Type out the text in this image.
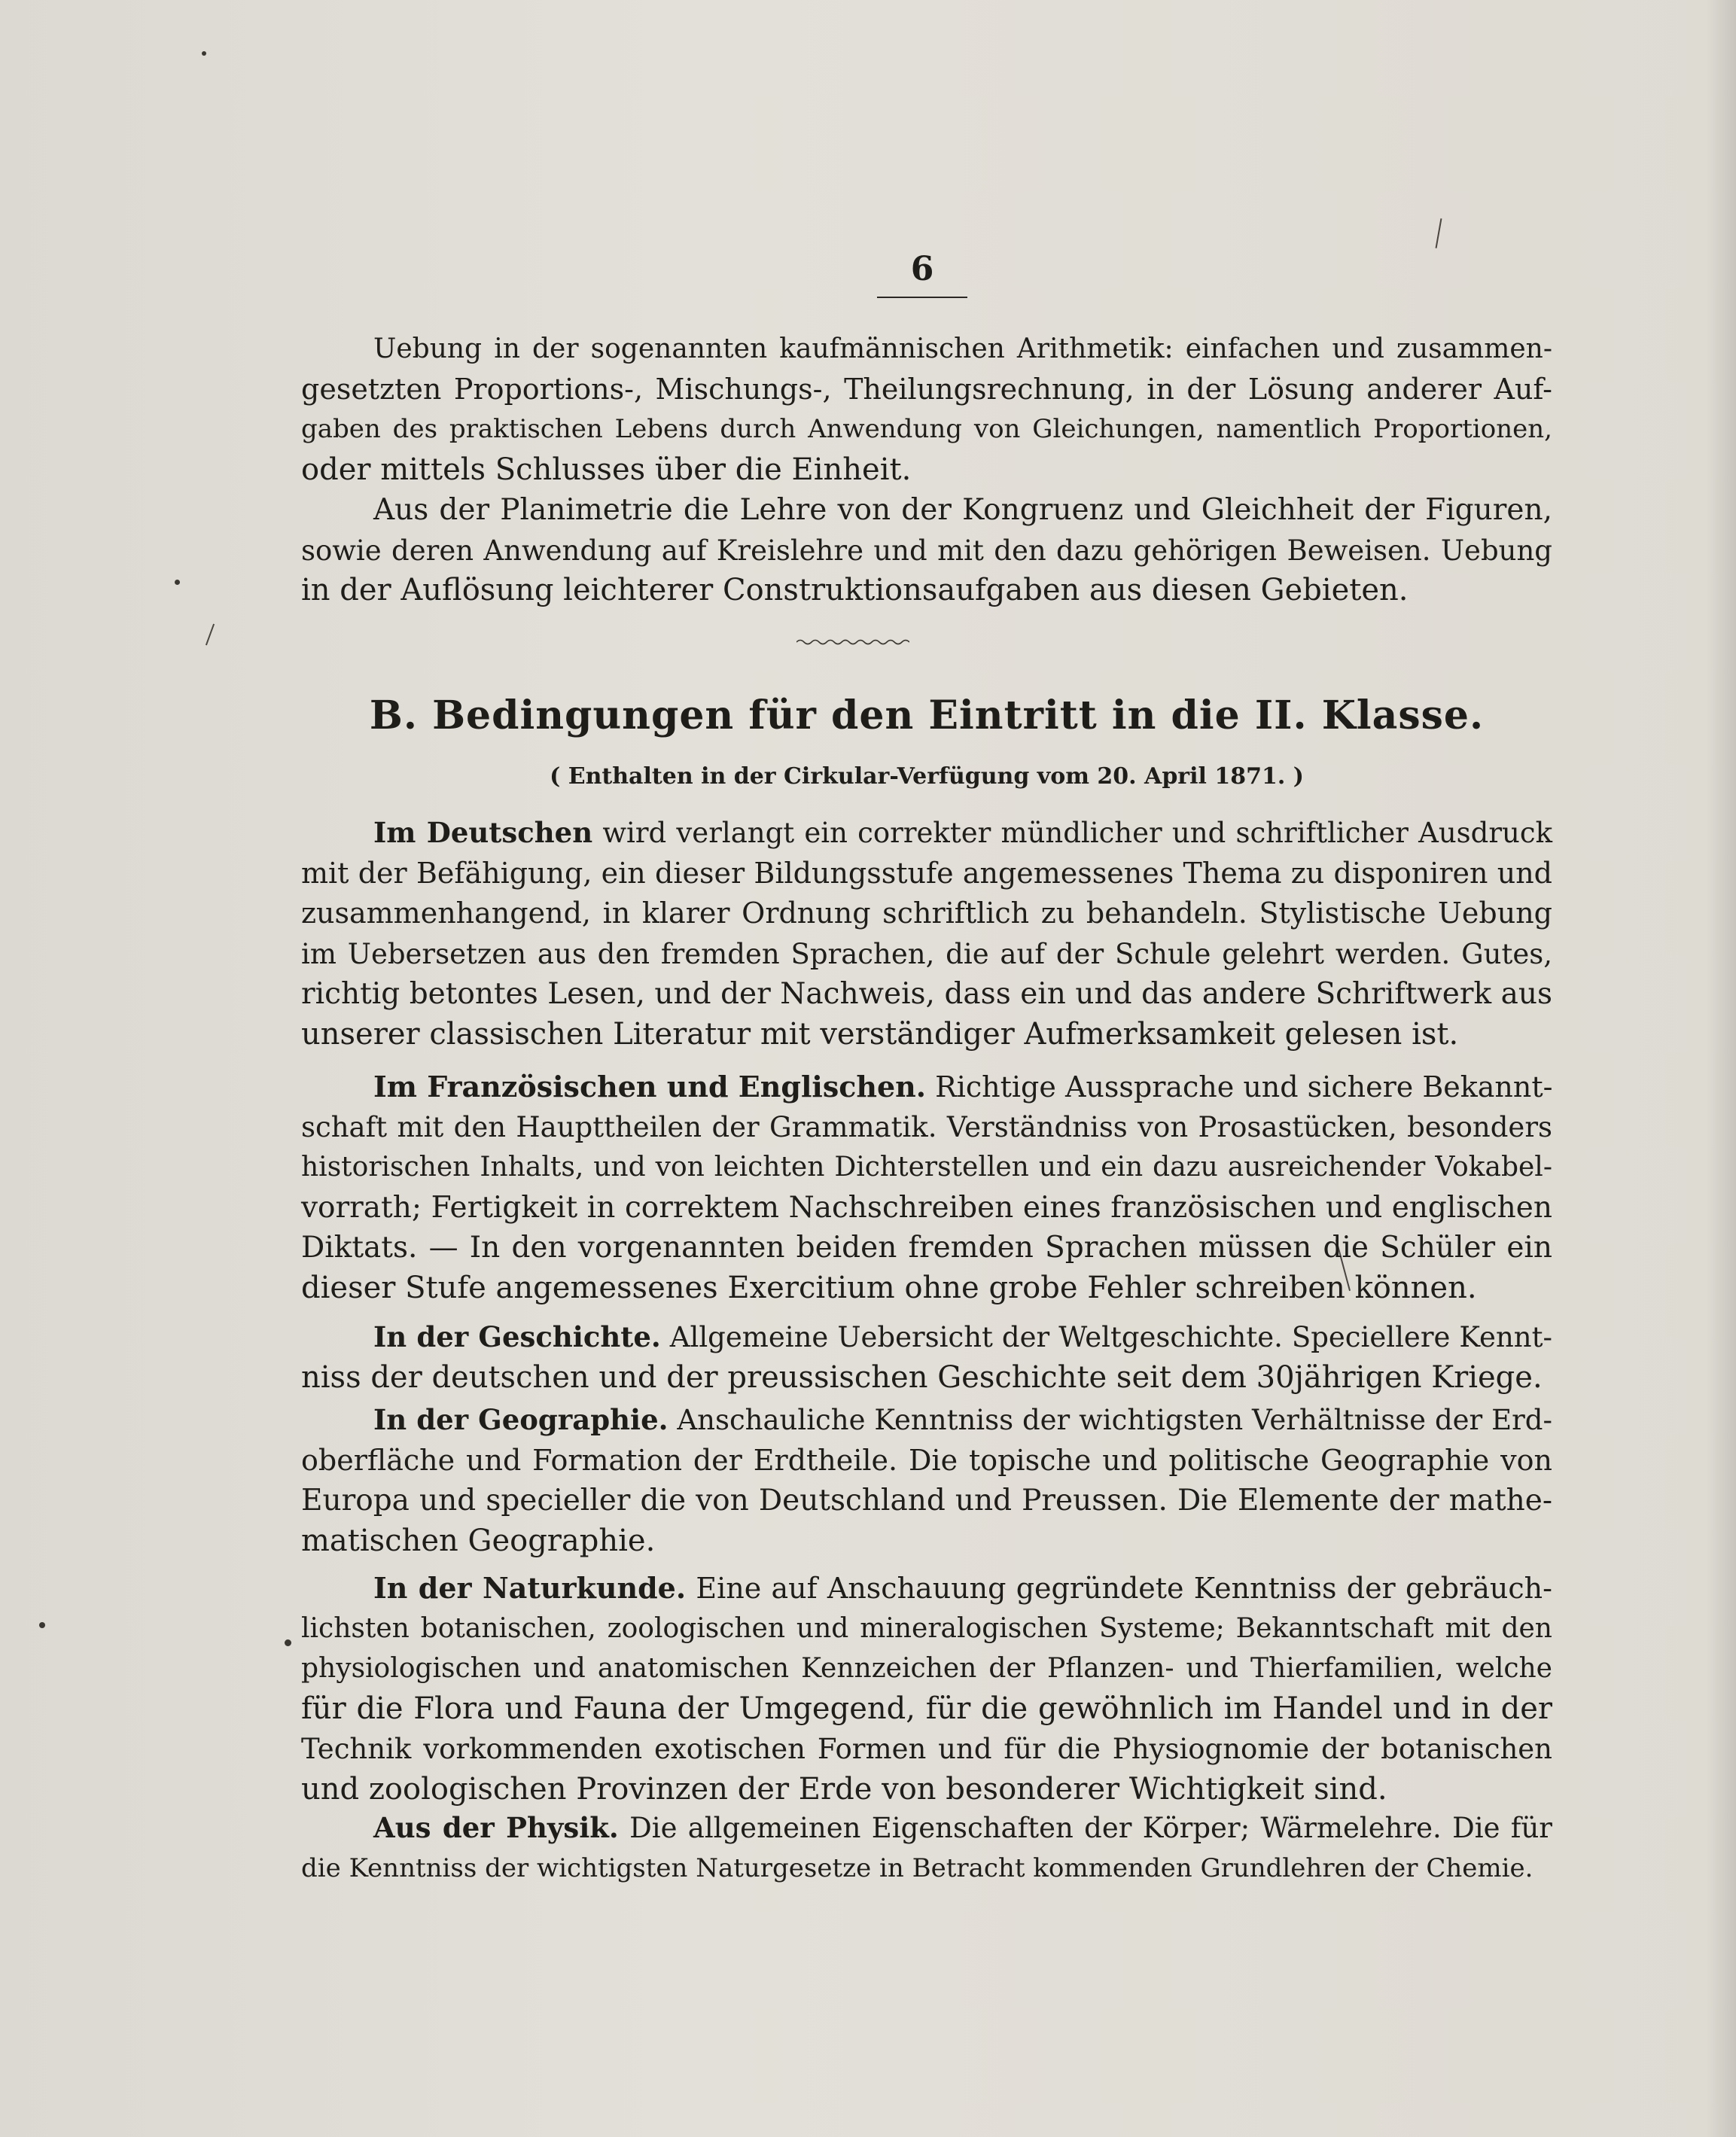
6
Uebung in der sogenannten kaufmännischen Arithmetik: einfachen und zusammen-
gesetzten Proportions-, Mischungs-, Theilungsrechnung, in der Lösung anderer Auf-
gaben des praktischen Lebens durch Anwendung von Gleichungen, namentlich Proportionen,
oder mittels Schlusses über die Einheit.
Aus der Planimetrie die Lehre von der Kongruenz und Gleichheit der Figuren,
sowie deren Anwendung auf Kreislehre und mit den dazu gehörigen Beweisen. Uebung
in der Auflösung leichterer Construktionsaufgaben aus diesen Gebieten.
B. Bedingungen für den Eintritt in die II. Klasse.
( Enthalten in der Cirkular-Verfügung vom 20. April 1871. )
Im Deutschen wird verlangt ein correkter mündlicher und schriftlicher Ausdruck
mit der Befähigung, ein dieser Bildungsstufe angemessenes Thema zu disponiren und
zusammenhangend, in klarer Ordnung schriftlich zu behandeln. Stylistische Uebung
im Uebersetzen aus den fremden Sprachen, die auf der Schule gelehrt werden. Gutes,
richtig betontes Lesen, und der Nachweis, dass ein und das andere Schriftwerk aus
unserer classischen Literatur mit verständiger Aufmerksamkeit gelesen ist.
Im Französischen und Englischen. Richtige Aussprache und sichere Bekannt-
schaft mit den Haupttheilen der Grammatik. Verständniss von Prosastücken, besonders
historischen Inhalts, und von leichten Dichterstellen und ein dazu ausreichender Vokabel-
vorrath; Fertigkeit in correktem Nachschreiben eines französischen und englischen
Diktats. — In den vorgenannten beiden fremden Sprachen müssen die Schüler ein
dieser Stufe angemessenes Exercitium ohne grobe Fehler schreiben können.
In der Geschichte. Allgemeine Uebersicht der Weltgeschichte. Speciellere Kennt-
niss der deutschen und der preussischen Geschichte seit dem 30jährigen Kriege.
In der Geographie. Anschauliche Kenntniss der wichtigsten Verhältnisse der Erd-
oberfläche und Formation der Erdtheile. Die topische und politische Geographie von
Europa und specieller die von Deutschland und Preussen. Die Elemente der mathe-
matischen Geographie.
In der Naturkunde. Eine auf Anschauung gegründete Kenntniss der gebräuch-
lichsten botanischen, zoologischen und mineralogischen Systeme; Bekanntschaft mit den
physiologischen und anatomischen Kennzeichen der Pflanzen- und Thierfamilien, welche
für die Flora und Fauna der Umgegend, für die gewöhnlich im Handel und in der
Technik vorkommenden exotischen Formen und für die Physiognomie der botanischen
und zoologischen Provinzen der Erde von besonderer Wichtigkeit sind.
Aus der Physik. Die allgemeinen Eigenschaften der Körper; Wärmelehre. Die für
die Kenntniss der wichtigsten Naturgesetze in Betracht kommenden Grundlehren der Chemie.
